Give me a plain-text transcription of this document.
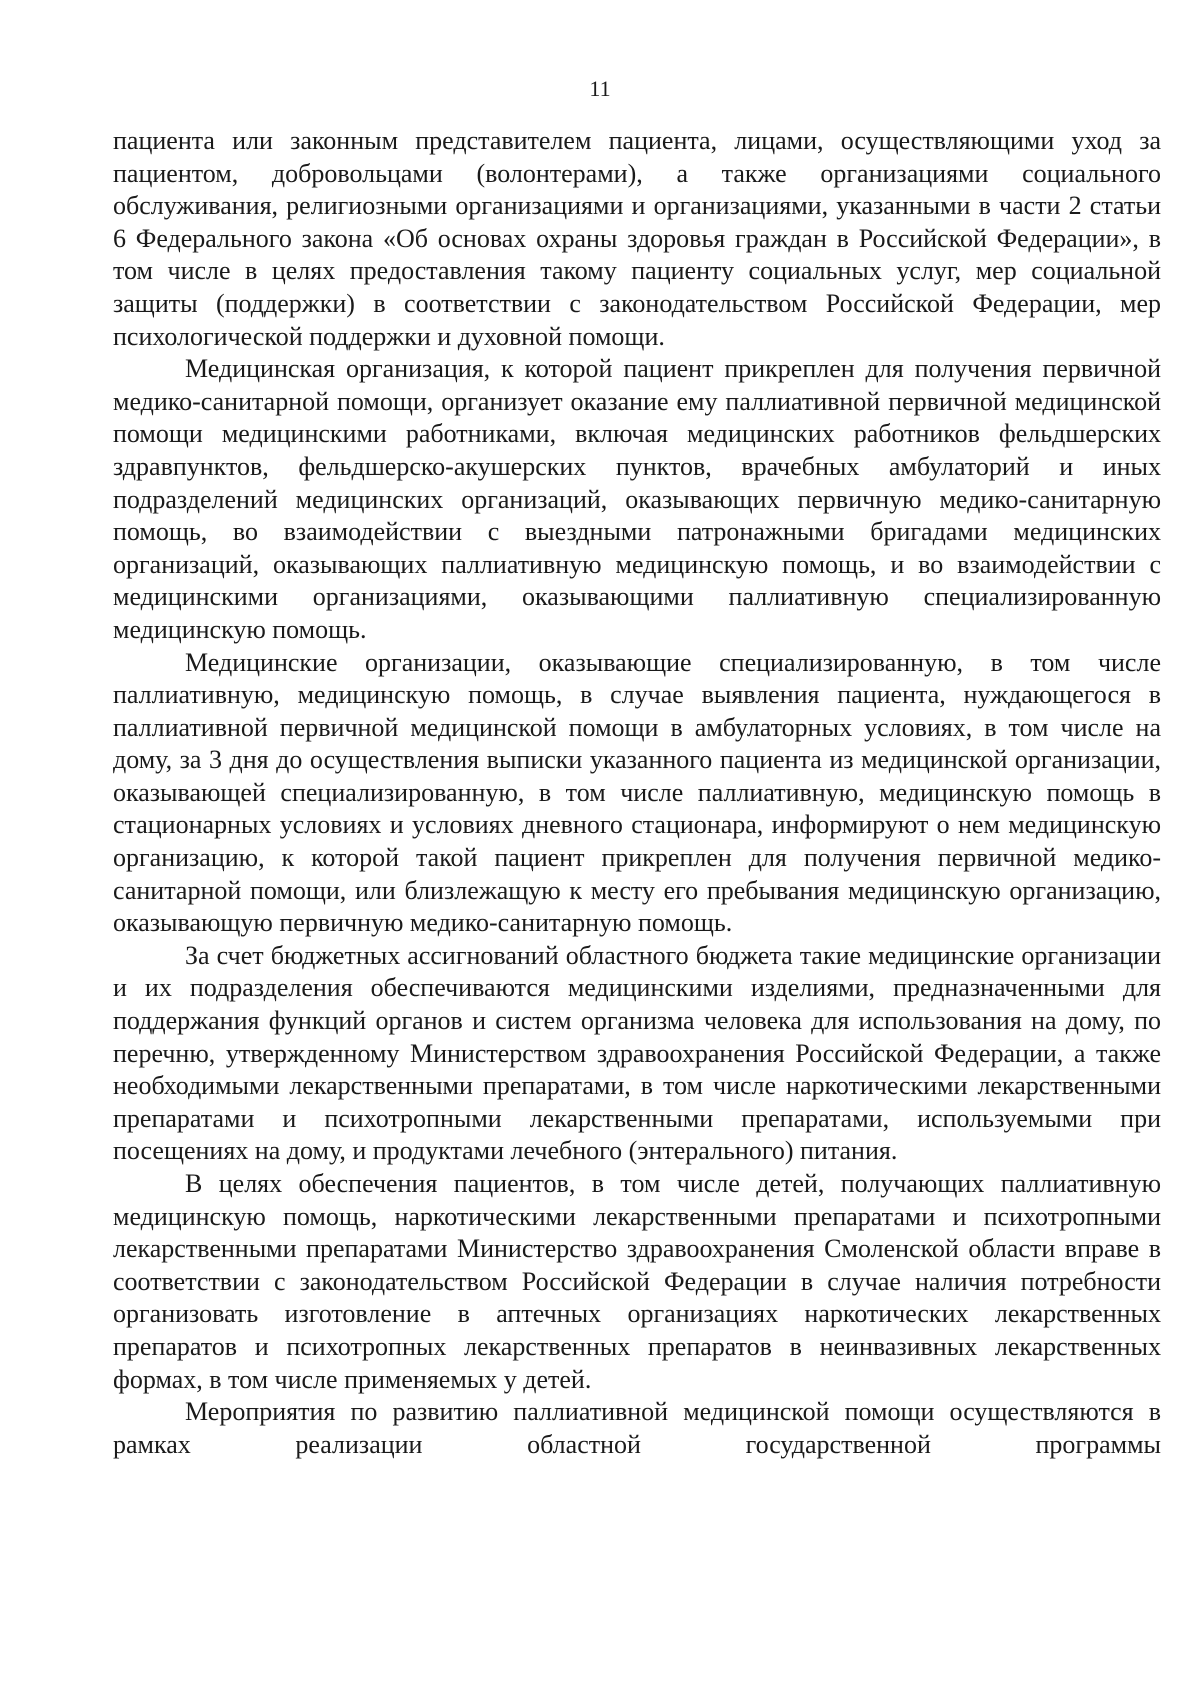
11

пациента или законным представителем пациента, лицами, осуществляющими уход за пациентом, добровольцами (волонтерами), а также организациями социального обслуживания, религиозными организациями и организациями, указанными в части 2 статьи 6 Федерального закона «Об основах охраны здоровья граждан в Российской Федерации», в том числе в целях предоставления такому пациенту социальных услуг, мер социальной защиты (поддержки) в соответствии с законодательством Российской Федерации, мер психологической поддержки и духовной помощи.

Медицинская организация, к которой пациент прикреплен для получения первичной медико-санитарной помощи, организует оказание ему паллиативной первичной медицинской помощи медицинскими работниками, включая медицинских работников фельдшерских здравпунктов, фельдшерско-акушерских пунктов, врачебных амбулаторий и иных подразделений медицинских организаций, оказывающих первичную медико-санитарную помощь, во взаимодействии с выездными патронажными бригадами медицинских организаций, оказывающих паллиативную медицинскую помощь, и во взаимодействии с медицинскими организациями, оказывающими паллиативную специализированную медицинскую помощь.

Медицинские организации, оказывающие специализированную, в том числе паллиативную, медицинскую помощь, в случае выявления пациента, нуждающегося в паллиативной первичной медицинской помощи в амбулаторных условиях, в том числе на дому, за 3 дня до осуществления выписки указанного пациента из медицинской организации, оказывающей специализированную, в том числе паллиативную, медицинскую помощь в стационарных условиях и условиях дневного стационара, информируют о нем медицинскую организацию, к которой такой пациент прикреплен для получения первичной медико-санитарной помощи, или близлежащую к месту его пребывания медицинскую организацию, оказывающую первичную медико-санитарную помощь.

За счет бюджетных ассигнований областного бюджета такие медицинские организации и их подразделения обеспечиваются медицинскими изделиями, предназначенными для поддержания функций органов и систем организма человека для использования на дому, по перечню, утвержденному Министерством здравоохранения Российской Федерации, а также необходимыми лекарственными препаратами, в том числе наркотическими лекарственными препаратами и психотропными лекарственными препаратами, используемыми при посещениях на дому, и продуктами лечебного (энтерального) питания.

В целях обеспечения пациентов, в том числе детей, получающих паллиативную медицинскую помощь, наркотическими лекарственными препаратами и психотропными лекарственными препаратами Министерство здравоохранения Смоленской области вправе в соответствии с законодательством Российской Федерации в случае наличия потребности организовать изготовление в аптечных организациях наркотических лекарственных препаратов и психотропных лекарственных препаратов в неинвазивных лекарственных формах, в том числе применяемых у детей.

Мероприятия по развитию паллиативной медицинской помощи осуществляются в рамках реализации областной государственной программы
